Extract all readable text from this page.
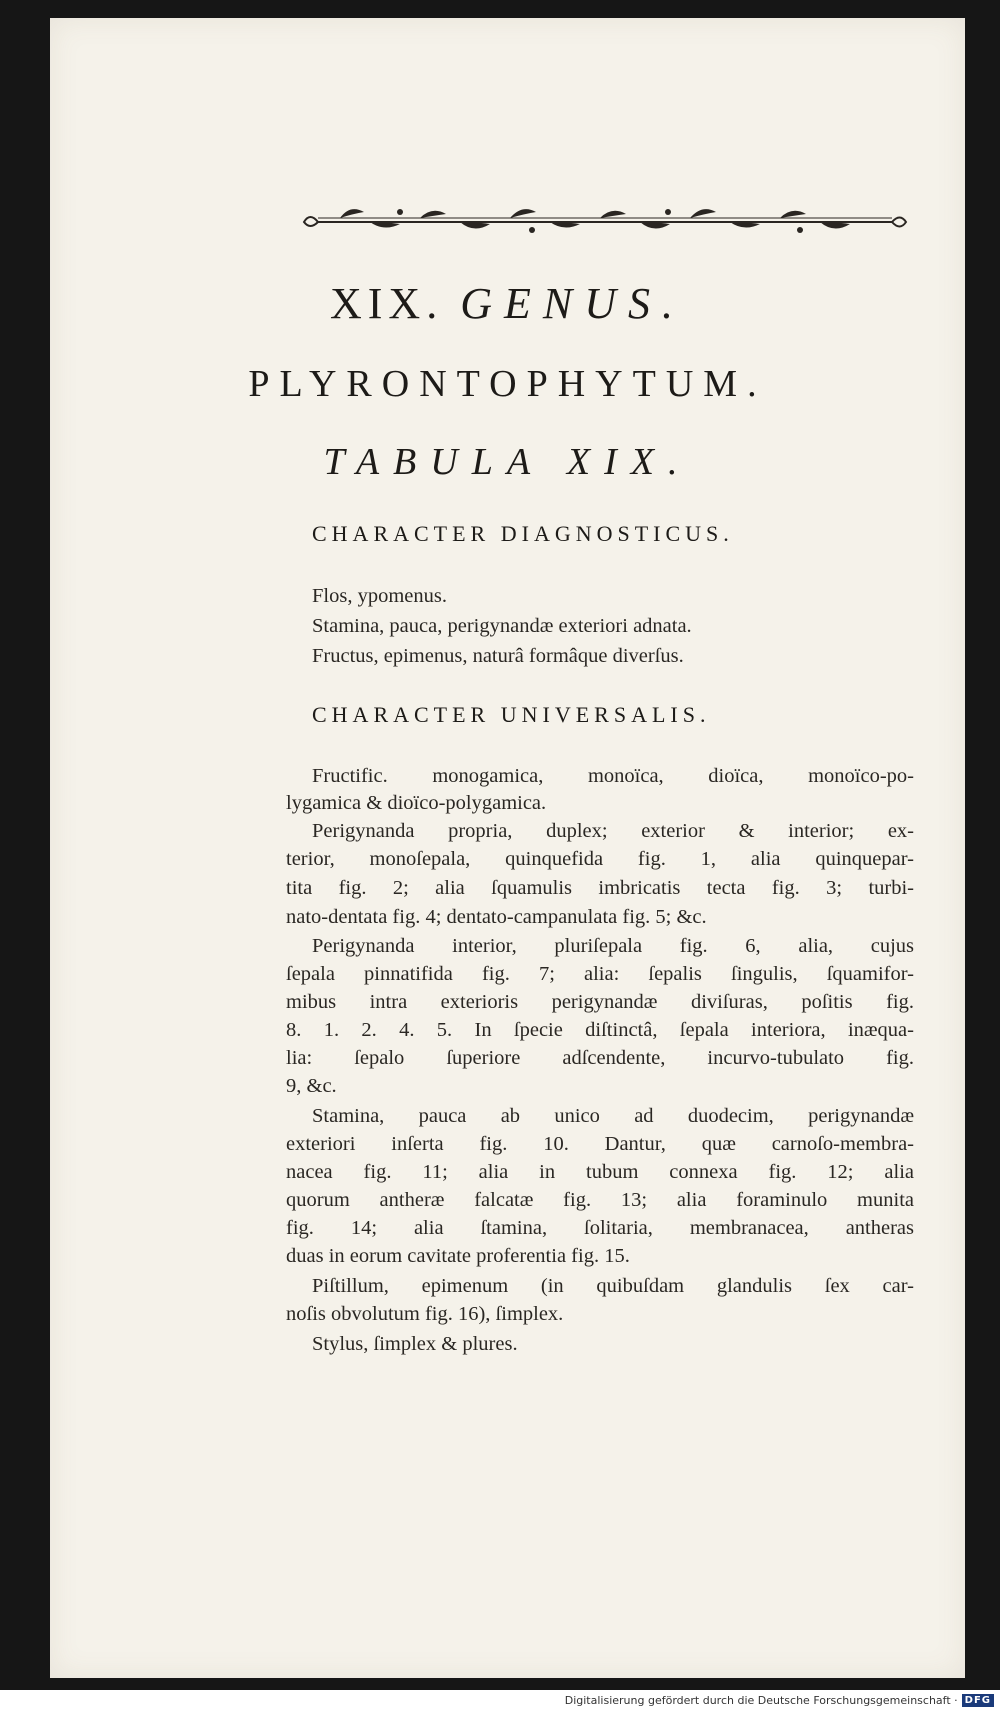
XIX. GENUS.
PLYRONTOPHYTUM.
TABULA XIX.
CHARACTER DIAGNOSTICUS.
Flos, ypomenus.
Stamina, pauca, perigynandæ exteriori adnata.
Fructus, epimenus, naturâ formâque diverſus.
CHARACTER UNIVERSALIS.
Fructific. monogamica, monoïca, dioïca, monoïco-po-
lygamica & dioïco-polygamica.
Perigynanda propria, duplex; exterior & interior; ex-
terior, monoſepala, quinquefida fig. 1, alia quinquepar-
tita fig. 2; alia ſquamulis imbricatis tecta fig. 3; turbi-
nato-dentata fig. 4; dentato-campanulata fig. 5; &c.
Perigynanda interior, pluriſepala fig. 6, alia, cujus
ſepala pinnatifida fig. 7; alia: ſepalis ſingulis, ſquamifor-
mibus intra exterioris perigynandæ diviſuras, poſitis fig.
8. 1. 2. 4. 5. In ſpecie diſtinctâ, ſepala interiora, inæqua-
lia: ſepalo ſuperiore adſcendente, incurvo-tubulato fig.
9, &c.
Stamina, pauca ab unico ad duodecim, perigynandæ
exteriori inſerta fig. 10. Dantur, quæ carnoſo-membra-
nacea fig. 11; alia in tubum connexa fig. 12; alia
quorum antheræ falcatæ fig. 13; alia foraminulo munita
fig. 14; alia ſtamina, ſolitaria, membranacea, antheras
duas in eorum cavitate proferentia fig. 15.
Piſtillum, epimenum (in quibuſdam glandulis ſex car-
noſis obvolutum fig. 16), ſimplex.
Stylus, ſimplex & plures.
Digitalisierung gefördert durch die Deutsche Forschungsgemeinschaft · DFG
